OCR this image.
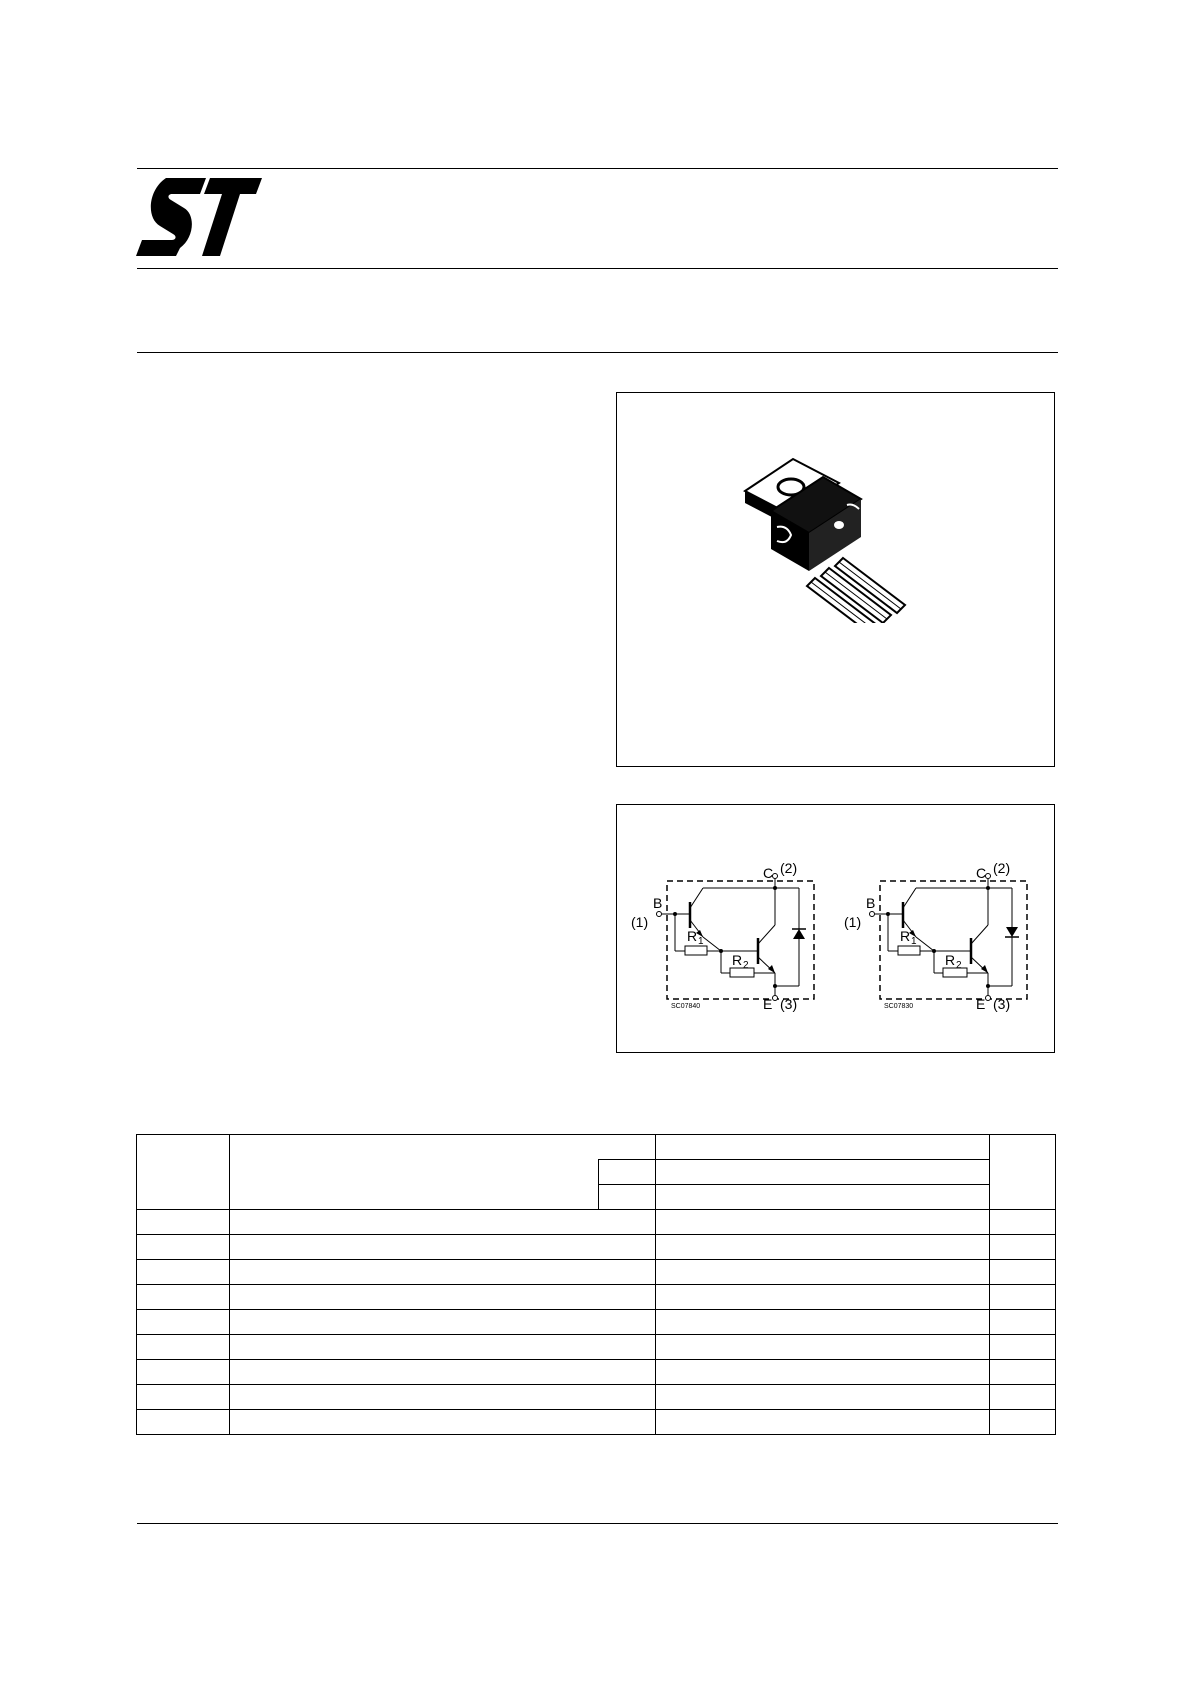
R 1
R 2
C (2)
B
(1)
E (3)
SC07840
R 1
R 2
C (2)
B
(1)
E (3)
SC07830
